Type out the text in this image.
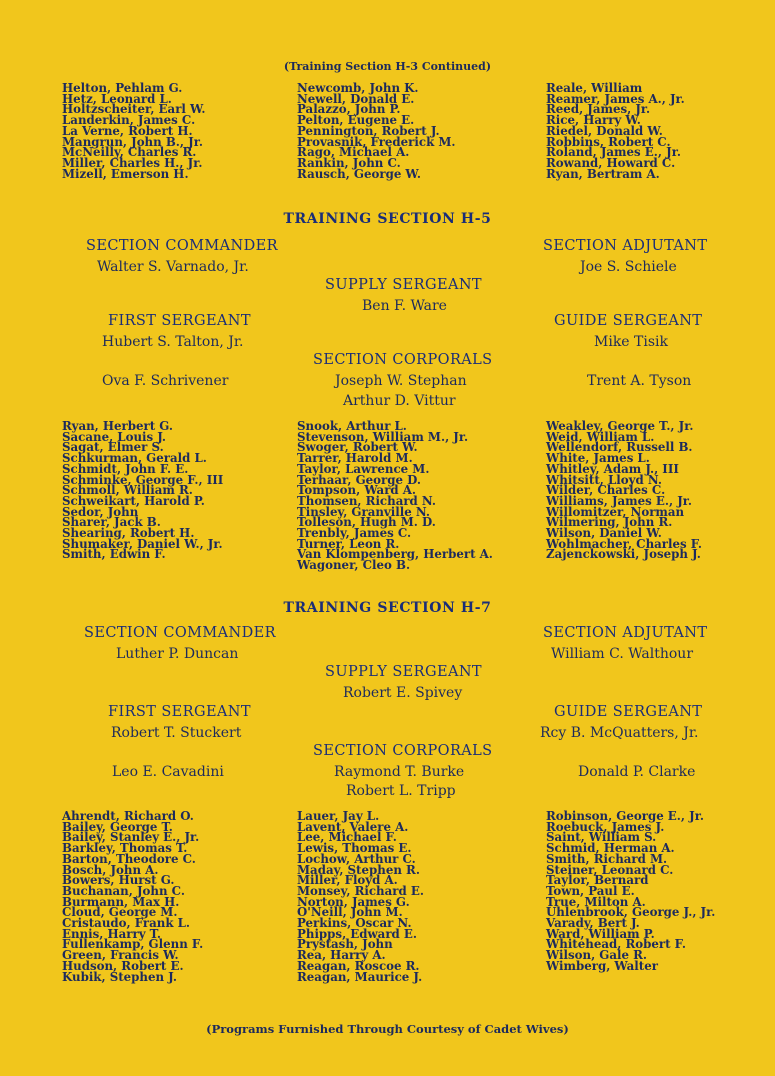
(Training Section H-3 Continued)
Helton, Pehlam G.
Hetz, Leonard L.
Holtzscheiter, Earl W.
Landerkin, James C.
La Verne, Robert H.
Mangrun, John B., Jr.
McNeilly, Charles R.
Miller, Charles H., Jr.
Mizell, Emerson H.
Newcomb, John K.
Newell, Donald E.
Palazzo, John P.
Pelton, Eugene E.
Pennington, Robert J.
Provasnik, Frederick M.
Rago, Michael A.
Rankin, John C.
Rausch, George W.
Reale, William
Reamer, James A., Jr.
Reed, James, Jr.
Rice, Harry W.
Riedel, Donald W.
Robbins, Robert C.
Roland, James E., Jr.
Rowand, Howard C.
Ryan, Bertram A.
TRAINING SECTION H-5
SECTION COMMANDER
Walter S. Varnado, Jr.
SECTION ADJUTANT
Joe S. Schiele
SUPPLY SERGEANT
Ben F. Ware
FIRST SERGEANT
Hubert S. Talton, Jr.
GUIDE SERGEANT
Mike Tisik
SECTION CORPORALS
Ova F. Schrivener	Joseph W. Stephan
Arthur D. Vittur
Trent A. Tyson
Ryan, Herbert G.
Sacane, Louis J.
Sagat, Elmer S.
Schkurman, Gerald L.
Schmidt, John F. E.
Schminke, George F., III
Schmoll, William R.
Schweikart, Harold P.
Sedor, John
Sharer, Jack B.
Shearing, Robert H.
Shumaker, Daniel W., Jr.
Smith, Edwin F.
Snook, Arthur L.
Stevenson, William M., Jr.
Swoger, Robert W.
Tarrer, Harold M.
Taylor, Lawrence M.
Terhaar, George D.
Tompson, Ward A.
Thomsen, Richard N.
Tinsley, Granville N.
Tolleson, Hugh M. D.
Trenbly, James C.
Turner, Leon R.
Van Klompenberg, Herbert A.
Wagoner, Cleo B.
Weakley, George T., Jr.
Weid, William L.
Wellendorf, Russell B.
White, James L.
Whitley, Adam J., III
Whitsitt, Lloyd N.
Wilder, Charles C.
Williams, James E., Jr.
Willomitzer, Norman
Wilmering, John R.
Wilson, Daniel W.
Wohlmacher, Charles F.
Zajenckowski, Joseph J.
TRAINING SECTION H-7
SECTION COMMANDER
Luther P. Duncan
SECTION ADJUTANT
William C. Walthour
SUPPLY SERGEANT
Robert E. Spivey
FIRST SERGEANT
Robert T. Stuckert
GUIDE SERGEANT
Rcy B. McQuatters, Jr.
SECTION CORPORALS
Leo E. Cavadini	Raymond T. Burke
Robert L. Tripp
Donald P. Clarke
Ahrendt, Richard O.
Bailey, George T.
Bailey, Stanley E., Jr.
Barkley, Thomas T.
Barton, Theodore C.
Bosch, John A.
Bowers, Hurst G.
Buchanan, John C.
Burmann, Max H.
Cloud, George M.
Cristaudo, Frank L.
Ennis, Harry T.
Fullenkamp, Glenn F.
Green, Francis W.
Hudson, Robert E.
Kubik, Stephen J.
Lauer, Jay L.
Lavent, Valere A.
Lee, Michael F.
Lewis, Thomas E.
Lochow, Arthur C.
Maday, Stephen R.
Miller, Floyd A.
Monsey, Richard E.
Norton, James G.
O'Neill, John M.
Perkins, Oscar N.
Phipps, Edward E.
Prystash, John
Rea, Harry A.
Reagan, Roscoe R.
Reagan, Maurice J.
Robinson, George E., Jr.
Roebuck, James J.
Saint, William S.
Schmid, Herman A.
Smith, Richard M.
Steiner, Leonard C.
Taylor, Bernard
Town, Paul E.
True, Milton A.
Uhlenbrook, George J., Jr.
Varady, Bert J.
Ward, William P.
Whitehead, Robert F.
Wilson, Gale R.
Wimberg, Walter
(Programs Furnished Through Courtesy of Cadet Wives)
